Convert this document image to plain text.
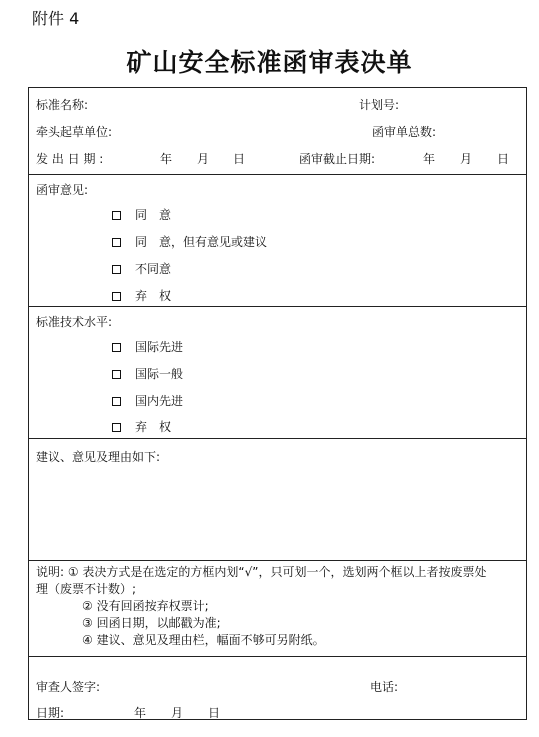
附件 4
矿山安全标准函审表决单
标准名称:	计划号:
牵头起草单位:	函审单总数:
发 出 日 期 :	年 月 日	函审截止日期:	年 月 日
函审意见:
同　意
同　意，但有意见或建议
不同意
弃　权
标准技术水平:
国际先进
国际一般
国内先进
弃　权
建议、意见及理由如下:
说明: ① 表决方式是在选定的方框内划“√”，只可划一个，选划两个框以上者按废票处
理（废票不计数）;
② 没有回函按弃权票计;
③ 回函日期，以邮戳为准;
④ 建议、意见及理由栏，幅面不够可另附纸。
审查人签字:	电话:
日期:	年 月 日
